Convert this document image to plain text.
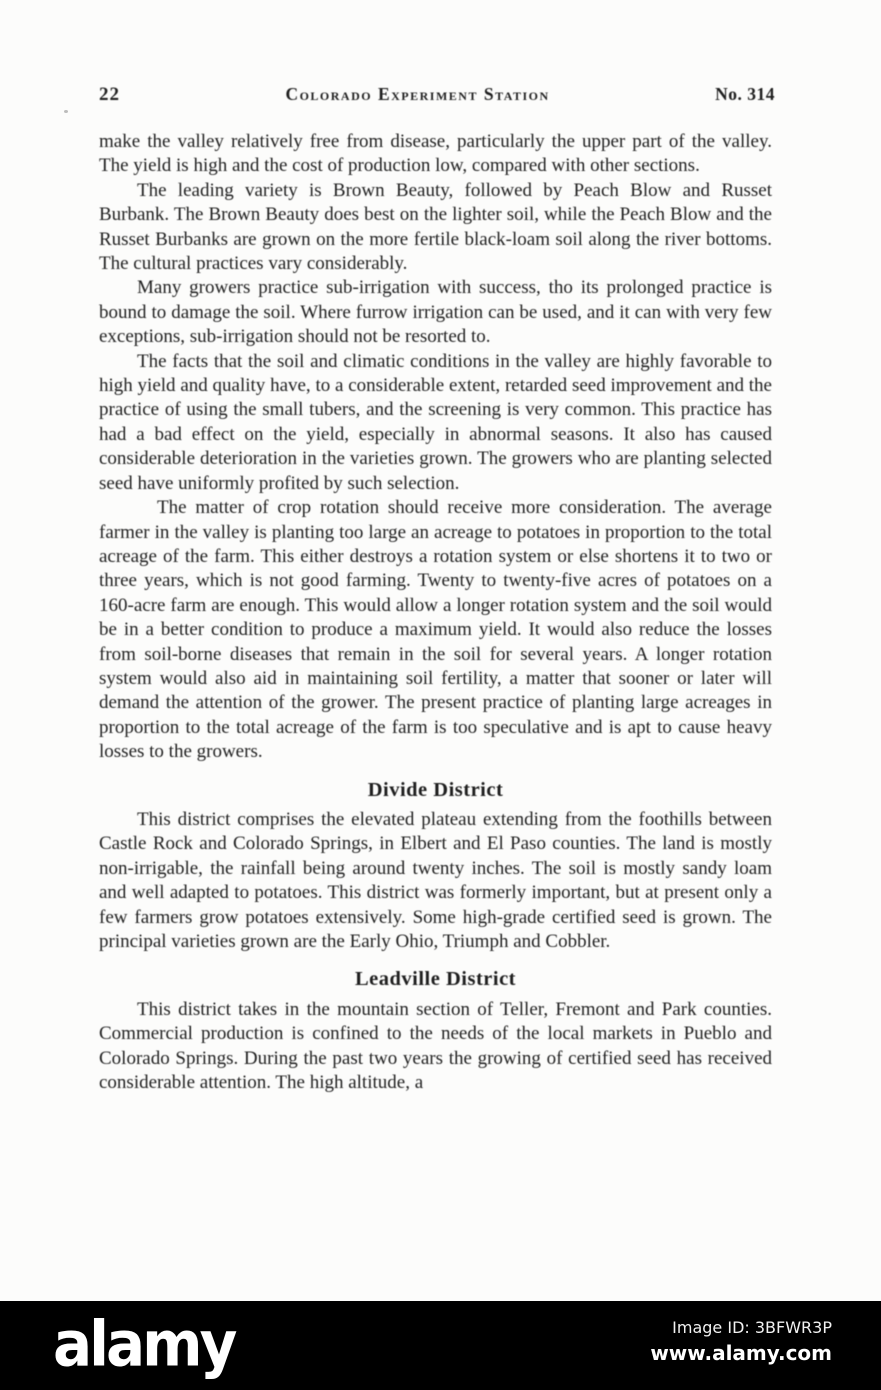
22	Colorado Experiment Station	No. 314

make the valley relatively free from disease, particularly the upper part of the valley. The yield is high and the cost of production low, compared with other sections.

The leading variety is Brown Beauty, followed by Peach Blow and Russet Burbank. The Brown Beauty does best on the lighter soil, while the Peach Blow and the Russet Burbanks are grown on the more fertile black-loam soil along the river bottoms. The cultural practices vary considerably.

Many growers practice sub-irrigation with success, tho its prolonged practice is bound to damage the soil. Where furrow irrigation can be used, and it can with very few exceptions, sub-irrigation should not be resorted to.

The facts that the soil and climatic conditions in the valley are highly favorable to high yield and quality have, to a considerable extent, retarded seed improvement and the practice of using the small tubers, and the screening is very common. This practice has had a bad effect on the yield, especially in abnormal seasons. It also has caused considerable deterioration in the varieties grown. The growers who are planting selected seed have uniformly profited by such selection.

The matter of crop rotation should receive more consideration. The average farmer in the valley is planting too large an acreage to potatoes in proportion to the total acreage of the farm. This either destroys a rotation system or else shortens it to two or three years, which is not good farming. Twenty to twenty-five acres of potatoes on a 160-acre farm are enough. This would allow a longer rotation system and the soil would be in a better condition to produce a maximum yield. It would also reduce the losses from soil-borne diseases that remain in the soil for several years. A longer rotation system would also aid in maintaining soil fertility, a matter that sooner or later will demand the attention of the grower. The present practice of planting large acreages in proportion to the total acreage of the farm is too speculative and is apt to cause heavy losses to the growers.

Divide District

This district comprises the elevated plateau extending from the foothills between Castle Rock and Colorado Springs, in Elbert and El Paso counties. The land is mostly non-irrigable, the rainfall being around twenty inches. The soil is mostly sandy loam and well adapted to potatoes. This district was formerly important, but at present only a few farmers grow potatoes extensively. Some high-grade certified seed is grown. The principal varieties grown are the Early Ohio, Triumph and Cobbler.

Leadville District

This district takes in the mountain section of Teller, Fremont and Park counties. Commercial production is confined to the needs of the local markets in Pueblo and Colorado Springs. During the past two years the growing of certified seed has received considerable attention. The high altitude, a

alamy	Image ID: 3BFWR3P
www.alamy.com
